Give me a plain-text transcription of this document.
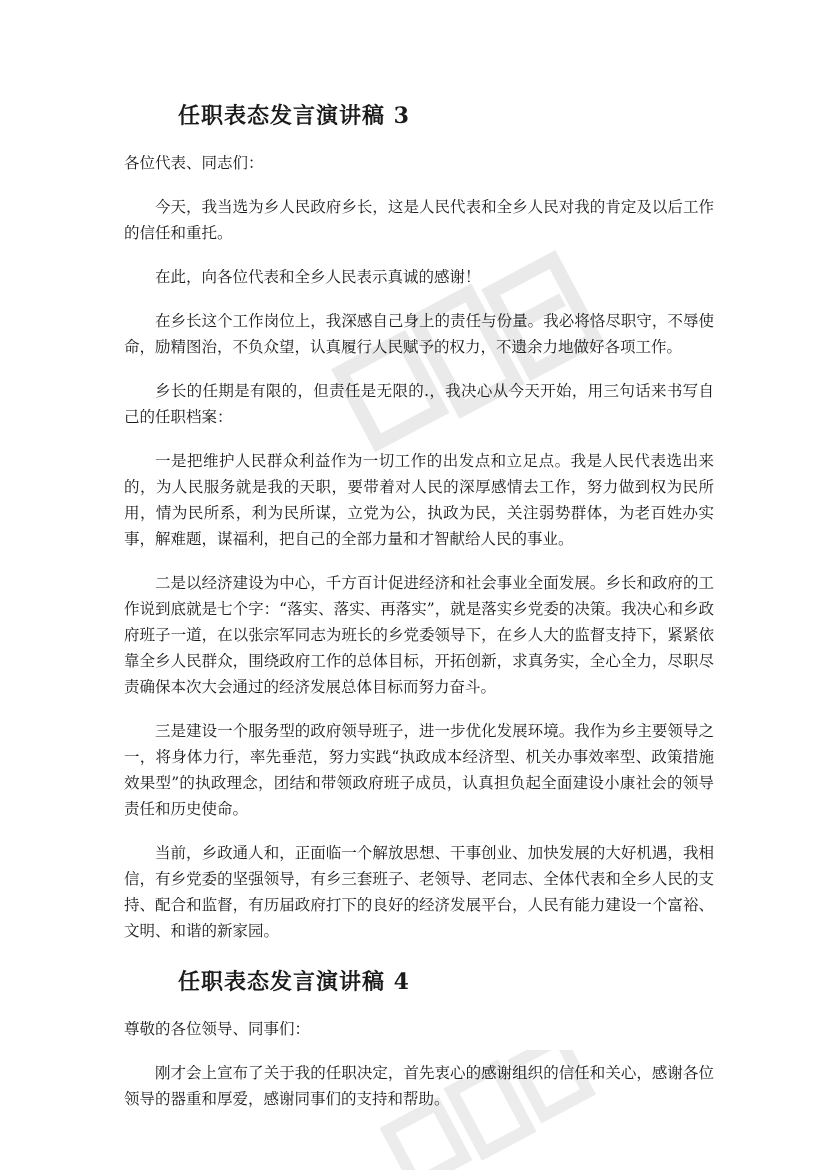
任职表态发言演讲稿 3
各位代表、同志们：

今天，我当选为乡人民政府乡长，这是人民代表和全乡人民对我的肯定及以后工作的信任和重托。

在此，向各位代表和全乡人民表示真诚的感谢！

在乡长这个工作岗位上，我深感自己身上的责任与份量。我必将恪尽职守，不辱使命，励精图治，不负众望，认真履行人民赋予的权力，不遗余力地做好各项工作。

乡长的任期是有限的，但责任是无限的.，我决心从今天开始，用三句话来书写自己的任职档案：

一是把维护人民群众利益作为一切工作的出发点和立足点。我是人民代表选出来的，为人民服务就是我的天职，要带着对人民的深厚感情去工作，努力做到权为民所用，情为民所系，利为民所谋，立党为公，执政为民，关注弱势群体，为老百姓办实事，解难题，谋福利，把自己的全部力量和才智献给人民的事业。

二是以经济建设为中心，千方百计促进经济和社会事业全面发展。乡长和政府的工作说到底就是七个字：“落实、落实、再落实”，就是落实乡党委的决策。我决心和乡政府班子一道，在以张宗军同志为班长的乡党委领导下，在乡人大的监督支持下，紧紧依靠全乡人民群众，围绕政府工作的总体目标，开拓创新，求真务实，全心全力，尽职尽责确保本次大会通过的经济发展总体目标而努力奋斗。

三是建设一个服务型的政府领导班子，进一步优化发展环境。我作为乡主要领导之一，将身体力行，率先垂范，努力实践“执政成本经济型、机关办事效率型、政策措施效果型”的执政理念，团结和带领政府班子成员，认真担负起全面建设小康社会的领导责任和历史使命。

当前，乡政通人和，正面临一个解放思想、干事创业、加快发展的大好机遇，我相信，有乡党委的坚强领导，有乡三套班子、老领导、老同志、全体代表和全乡人民的支持、配合和监督，有历届政府打下的良好的经济发展平台，人民有能力建设一个富裕、文明、和谐的新家园。

任职表态发言演讲稿 4
尊敬的各位领导、同事们：

刚才会上宣布了关于我的任职决定，首先衷心的感谢组织的信任和关心，感谢各位领导的器重和厚爱，感谢同事们的支持和帮助。
